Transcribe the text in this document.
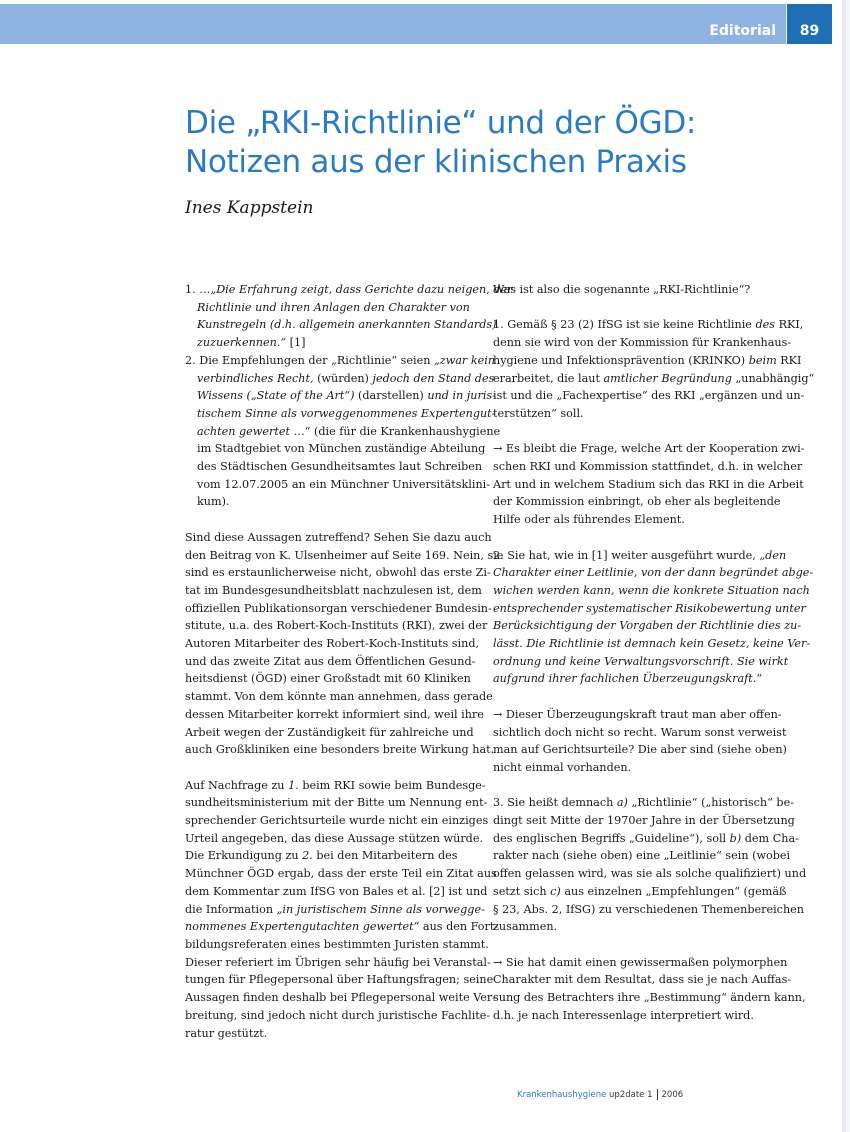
Editorial	89
Die „RKI-Richtlinie“ und der ÖGD:
Notizen aus der klinischen Praxis
Ines Kappstein

1. …„Die Erfahrung zeigt, dass Gerichte dazu neigen, der
Richtlinie und ihren Anlagen den Charakter von
Kunstregeln (d.h. allgemein anerkannten Standards)
zuzuerkennen.“ [1]

2. Die Empfehlungen der „Richtlinie“ seien „zwar kein
verbindliches Recht, (würden) jedoch den Stand des
Wissens („State of the Art“) (darstellen) und in juris-
tischem Sinne als vorweggenommenes Expertengut-
achten gewertet …“ (die für die Krankenhaushygiene
im Stadtgebiet von München zuständige Abteilung
des Städtischen Gesundheitsamtes laut Schreiben
vom 12.07.2005 an ein Münchner Universitätsklini-
kum).

Sind diese Aussagen zutreffend? Sehen Sie dazu auch
den Beitrag von K. Ulsenheimer auf Seite 169. Nein, sie
sind es erstaunlicherweise nicht, obwohl das erste Zi-
tat im Bundesgesundheitsblatt nachzulesen ist, dem
offiziellen Publikationsorgan verschiedener Bundesin-
stitute, u.a. des Robert-Koch-Instituts (RKI), zwei der
Autoren Mitarbeiter des Robert-Koch-Instituts sind,
und das zweite Zitat aus dem Öffentlichen Gesund-
heitsdienst (ÖGD) einer Großstadt mit 60 Kliniken
stammt. Von dem könnte man annehmen, dass gerade
dessen Mitarbeiter korrekt informiert sind, weil ihre
Arbeit wegen der Zuständigkeit für zahlreiche und
auch Großkliniken eine besonders breite Wirkung hat.

Auf Nachfrage zu 1. beim RKI sowie beim Bundesge-
sundheitsministerium mit der Bitte um Nennung ent-
sprechender Gerichtsurteile wurde nicht ein einziges
Urteil angegeben, das diese Aussage stützen würde.
Die Erkundigung zu 2. bei den Mitarbeitern des
Münchner ÖGD ergab, dass der erste Teil ein Zitat aus
dem Kommentar zum IfSG von Bales et al. [2] ist und
die Information „in juristischem Sinne als vorwegge-
nommenes Expertengutachten gewertet“ aus den Fort-
bildungsreferaten eines bestimmten Juristen stammt.
Dieser referiert im Übrigen sehr häufig bei Veranstal-
tungen für Pflegepersonal über Haftungsfragen; seine
Aussagen finden deshalb bei Pflegepersonal weite Ver-
breitung, sind jedoch nicht durch juristische Fachlite-
ratur gestützt.

Was ist also die sogenannte „RKI-Richtlinie“?

1. Gemäß § 23 (2) IfSG ist sie keine Richtlinie des RKI,
denn sie wird von der Kommission für Krankenhaus-
hygiene und Infektionsprävention (KRINKO) beim RKI
erarbeitet, die laut amtlicher Begründung „unabhängig“
ist und die „Fachexpertise“ des RKI „ergänzen und un-
terstützen“ soll.

→ Es bleibt die Frage, welche Art der Kooperation zwi-
schen RKI und Kommission stattfindet, d.h. in welcher
Art und in welchem Stadium sich das RKI in die Arbeit
der Kommission einbringt, ob eher als begleitende
Hilfe oder als führendes Element.

2. Sie hat, wie in [1] weiter ausgeführt wurde, „den
Charakter einer Leitlinie, von der dann begründet abge-
wichen werden kann, wenn die konkrete Situation nach
entsprechender systematischer Risikobewertung unter
Berücksichtigung der Vorgaben der Richtlinie dies zu-
lässt. Die Richtlinie ist demnach kein Gesetz, keine Ver-
ordnung und keine Verwaltungsvorschrift. Sie wirkt
aufgrund ihrer fachlichen Überzeugungskraft.“

→ Dieser Überzeugungskraft traut man aber offen-
sichtlich doch nicht so recht. Warum sonst verweist
man auf Gerichtsurteile? Die aber sind (siehe oben)
nicht einmal vorhanden.

3. Sie heißt demnach a) „Richtlinie“ („historisch“ be-
dingt seit Mitte der 1970er Jahre in der Übersetzung
des englischen Begriffs „Guideline“), soll b) dem Cha-
rakter nach (siehe oben) eine „Leitlinie“ sein (wobei
offen gelassen wird, was sie als solche qualifiziert) und
setzt sich c) aus einzelnen „Empfehlungen“ (gemäß
§ 23, Abs. 2, IfSG) zu verschiedenen Themenbereichen
zusammen.

→ Sie hat damit einen gewissermaßen polymorphen
Charakter mit dem Resultat, dass sie je nach Auffas-
sung des Betrachters ihre „Bestimmung“ ändern kann,
d.h. je nach Interessenlage interpretiert wird.

Krankenhaushygiene up2date 1 2006
